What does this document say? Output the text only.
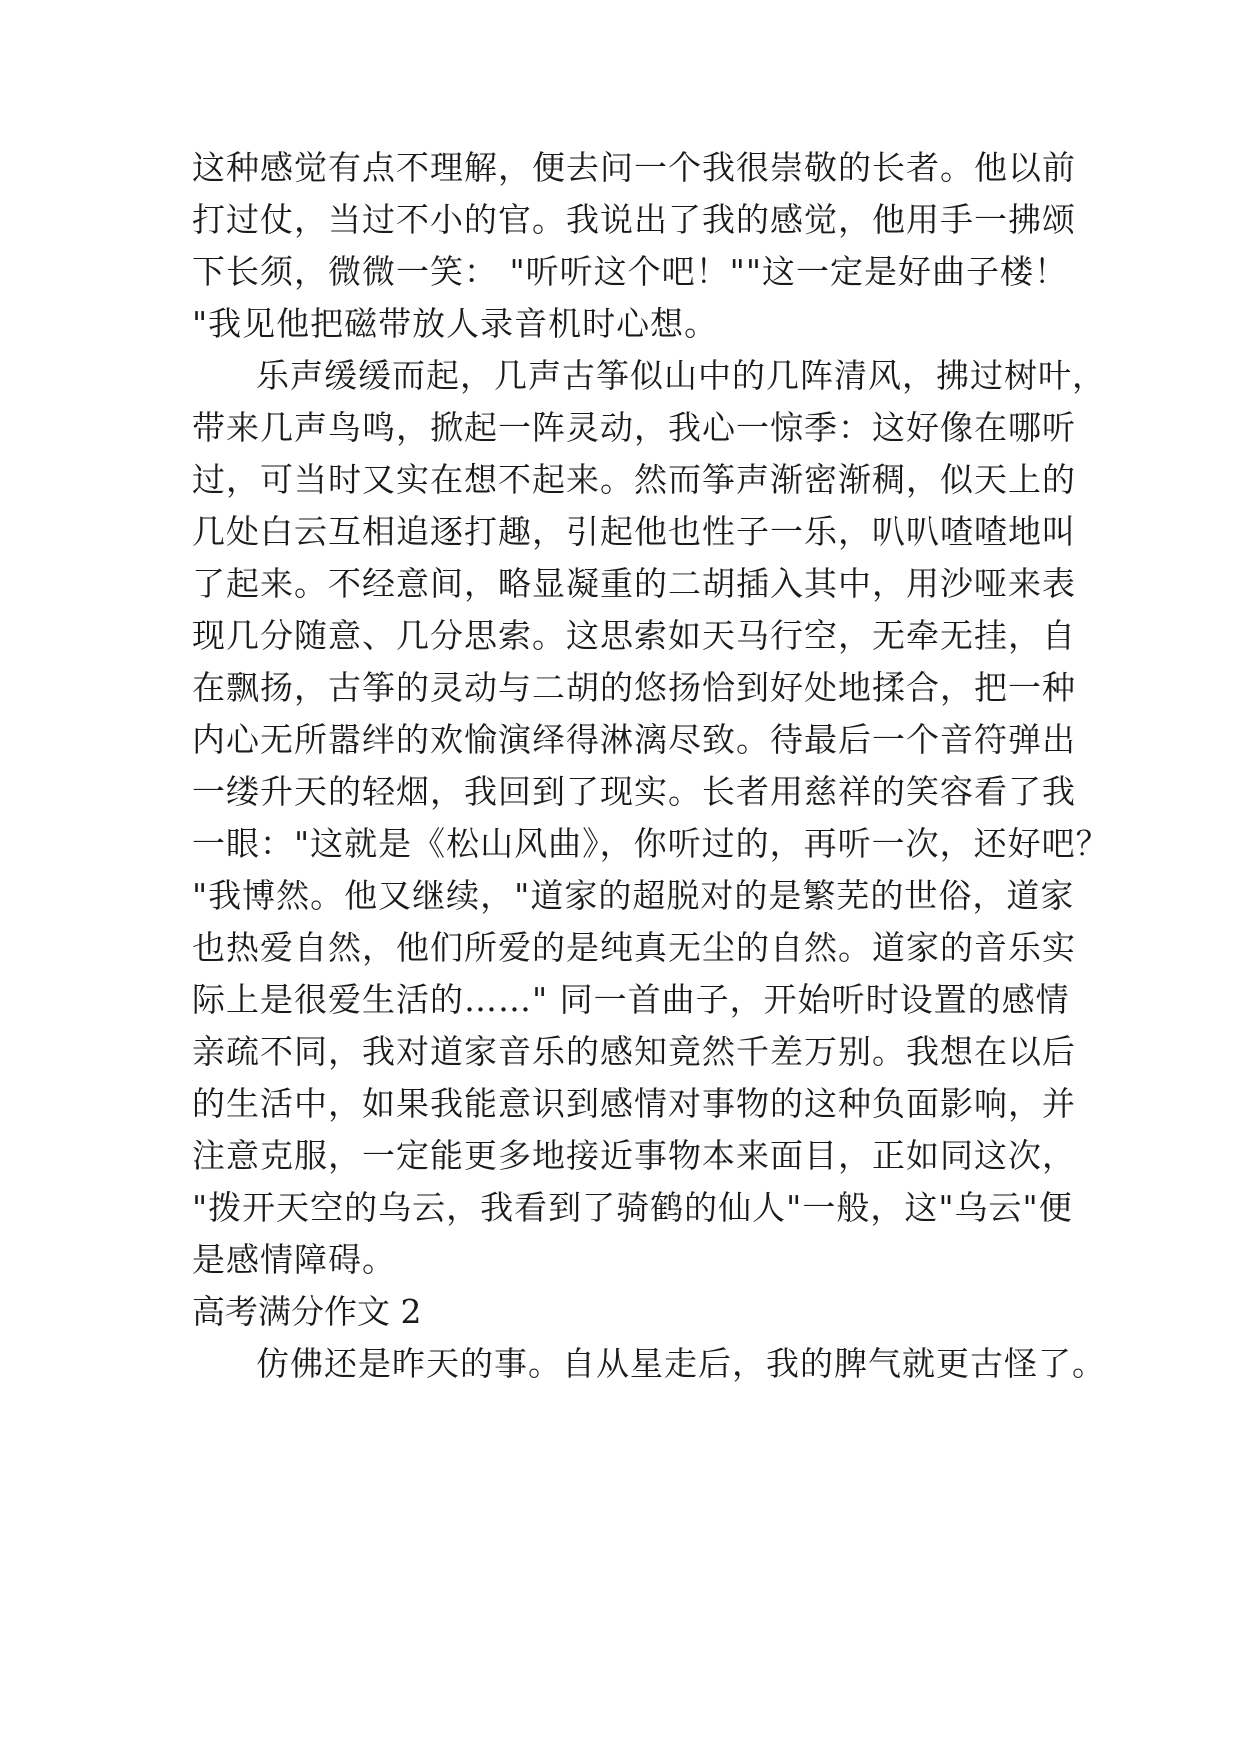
这种感觉有点不理解，便去问一个我很崇敬的长者。他以前
打过仗，当过不小的官。我说出了我的感觉，他用手一拂颂
下长须，微微一笑： "听听这个吧！""这一定是好曲子楼！
"我见他把磁带放人录音机时心想。
乐声缓缓而起，几声古筝似山中的几阵清风，拂过树叶，
带来几声鸟鸣，掀起一阵灵动，我心一惊季：这好像在哪听
过，可当时又实在想不起来。然而筝声渐密渐稠，似天上的
几处白云互相追逐打趣，引起他也性子一乐，叭叭喳喳地叫
了起来。不经意间，略显凝重的二胡插入其中，用沙哑来表
现几分随意、几分思索。这思索如天马行空，无牵无挂，自
在飘扬，古筝的灵动与二胡的悠扬恰到好处地揉合，把一种
内心无所嚣绊的欢愉演绎得淋漓尽致。待最后一个音符弹出
一缕升天的轻烟，我回到了现实。长者用慈祥的笑容看了我
一眼："这就是《松山风曲》，你听过的，再听一次，还好吧？
"我博然。他又继续，"道家的超脱对的是繁芜的世俗，道家
也热爱自然，他们所爱的是纯真无尘的自然。道家的音乐实
际上是很爱生活的……" 同一首曲子，开始听时设置的感情
亲疏不同，我对道家音乐的感知竟然千差万别。我想在以后
的生活中，如果我能意识到感情对事物的这种负面影响，并
注意克服，一定能更多地接近事物本来面目，正如同这次，
"拨开天空的乌云，我看到了骑鹤的仙人"一般，这"乌云"便
是感情障碍。
高考满分作文 2
仿佛还是昨天的事。自从星走后，我的脾气就更古怪了。
